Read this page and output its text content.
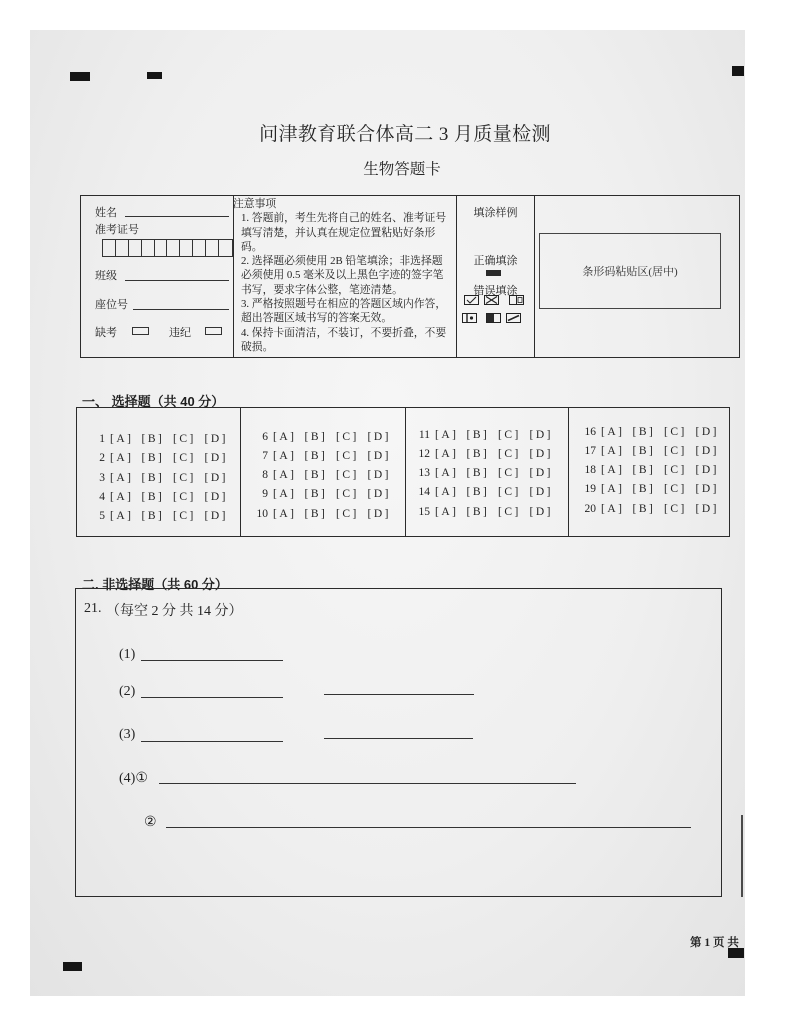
问津教育联合体高二 3 月质量检测
生物答题卡
姓名
准考证号
班级
座位号
缺考	违纪
注意事项
1. 答题前，考生先将自己的姓名、准考证号填写清楚，并认真在规定位置粘贴好条形码。
2. 选择题必须使用 2B 铅笔填涂；非选择题必须使用 0.5 毫米及以上黑色字迹的签字笔书写，要求字体公整，笔迹清楚。
3. 严格按照题号在相应的答题区域内作答，超出答题区域书写的答案无效。
4. 保持卡面清洁，不装订，不要折叠，不要破损。
填涂样例
正确填涂
错误填涂
条形码粘贴区(居中)
一、 选择题（共 40 分）
1 [A] [B] [C] [D]
2 [A] [B] [C] [D]
3 [A] [B] [C] [D]
4 [A] [B] [C] [D]
5 [A] [B] [C] [D]
6 [A] [B] [C] [D]
7 [A] [B] [C] [D]
8 [A] [B] [C] [D]
9 [A] [B] [C] [D]
10 [A] [B] [C] [D]
11 [A] [B] [C] [D]
12 [A] [B] [C] [D]
13 [A] [B] [C] [D]
14 [A] [B] [C] [D]
15 [A] [B] [C] [D]
16 [A] [B] [C] [D]
17 [A] [B] [C] [D]
18 [A] [B] [C] [D]
19 [A] [B] [C] [D]
20 [A] [B] [C] [D]
二. 非选择题（共 60 分）
21. （每空 2 分 共 14 分）
(1)
(2)
(3)
(4)①
②
第 1 页 共
